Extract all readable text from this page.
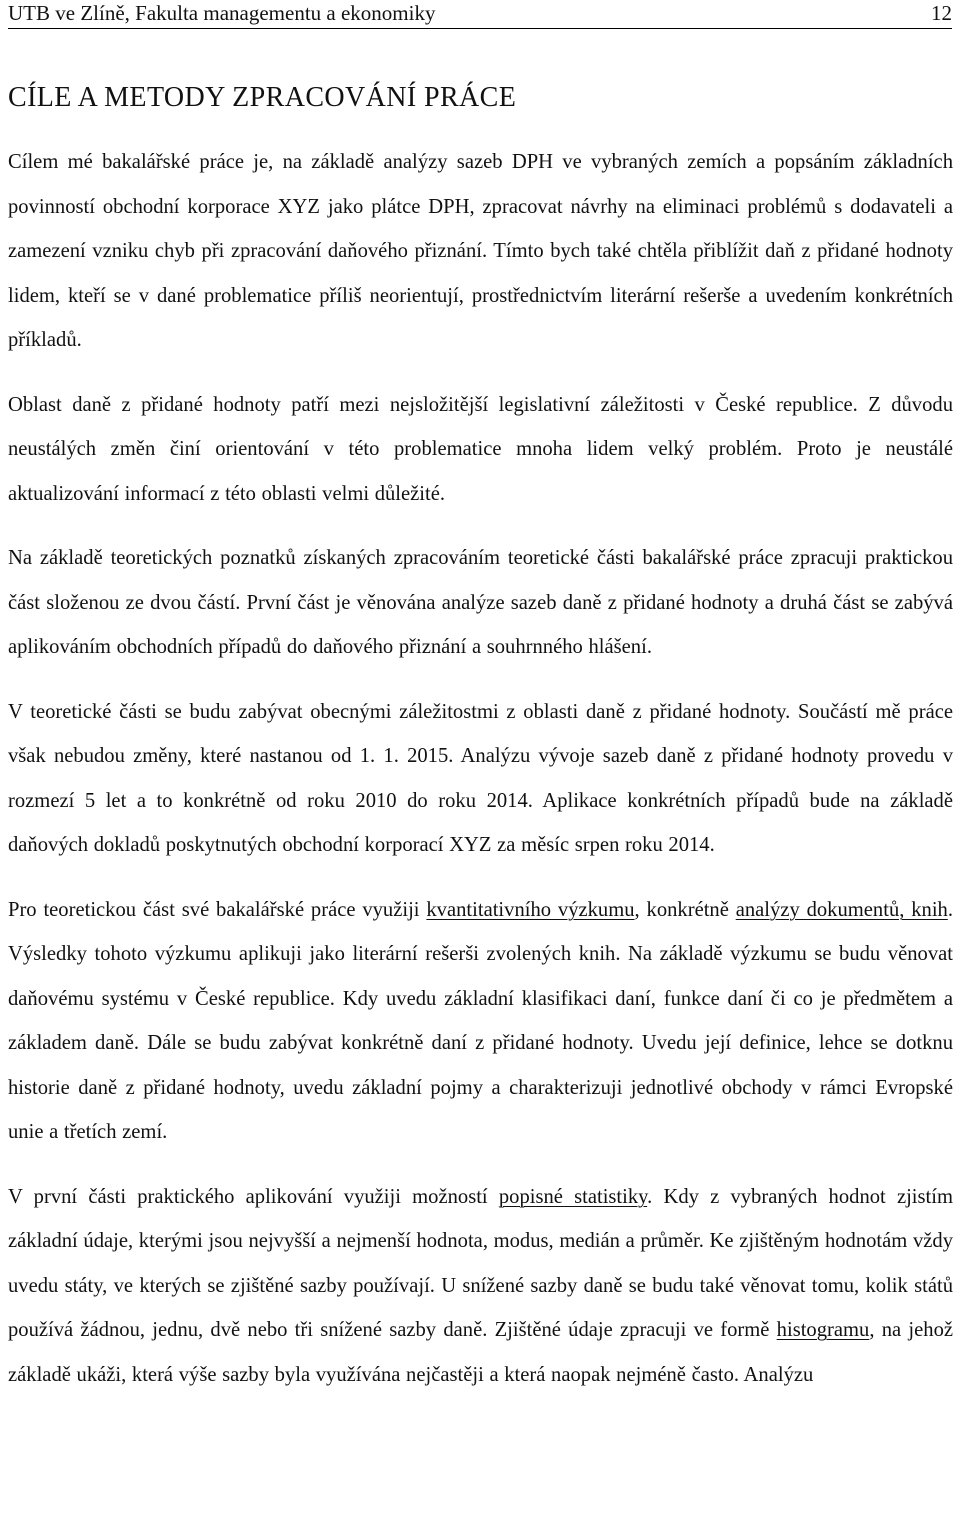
UTB ve Zlíně, Fakulta managementu a ekonomiky	12
CÍLE A METODY ZPRACOVÁNÍ PRÁCE

Cílem mé bakalářské práce je, na základě analýzy sazeb DPH ve vybraných zemích a popsáním základních povinností obchodní korporace XYZ jako plátce DPH, zpracovat návrhy na eliminaci problémů s dodavateli a zamezení vzniku chyb při zpracování daňového přiznání. Tímto bych také chtěla přiblížit daň z přidané hodnoty lidem, kteří se v dané problematice příliš neorientují, prostřednictvím literární rešerše a uvedením konkrétních příkladů.

Oblast daně z přidané hodnoty patří mezi nejsložitější legislativní záležitosti v České republice. Z důvodu neustálých změn činí orientování v této problematice mnoha lidem velký problém. Proto je neustálé aktualizování informací z této oblasti velmi důležité.

Na základě teoretických poznatků získaných zpracováním teoretické části bakalářské práce zpracuji praktickou část složenou ze dvou částí. První část je věnována analýze sazeb daně z přidané hodnoty a druhá část se zabývá aplikováním obchodních případů do daňového přiznání a souhrnného hlášení.

V teoretické části se budu zabývat obecnými záležitostmi z oblasti daně z přidané hodnoty. Součástí mě práce však nebudou změny, které nastanou od 1. 1. 2015. Analýzu vývoje sazeb daně z přidané hodnoty provedu v rozmezí 5 let a to konkrétně od roku 2010 do roku 2014. Aplikace konkrétních případů bude na základě daňových dokladů poskytnutých obchodní korporací XYZ za měsíc srpen roku 2014.

Pro teoretickou část své bakalářské práce využiji kvantitativního výzkumu, konkrétně analýzy dokumentů, knih. Výsledky tohoto výzkumu aplikuji jako literární rešerši zvolených knih. Na základě výzkumu se budu věnovat daňovému systému v České republice. Kdy uvedu základní klasifikaci daní, funkce daní či co je předmětem a základem daně. Dále se budu zabývat konkrétně daní z přidané hodnoty. Uvedu její definice, lehce se dotknu historie daně z přidané hodnoty, uvedu základní pojmy a charakterizuji jednotlivé obchody v rámci Evropské unie a třetích zemí.

V první části praktického aplikování využiji možností popisné statistiky. Kdy z vybraných hodnot zjistím základní údaje, kterými jsou nejvyšší a nejmenší hodnota, modus, medián a průměr. Ke zjištěným hodnotám vždy uvedu státy, ve kterých se zjištěné sazby používají. U snížené sazby daně se budu také věnovat tomu, kolik států používá žádnou, jednu, dvě nebo tři snížené sazby daně. Zjištěné údaje zpracuji ve formě histogramu, na jehož základě ukáži, která výše sazby byla využívána nejčastěji a která naopak nejméně často. Analýzu
